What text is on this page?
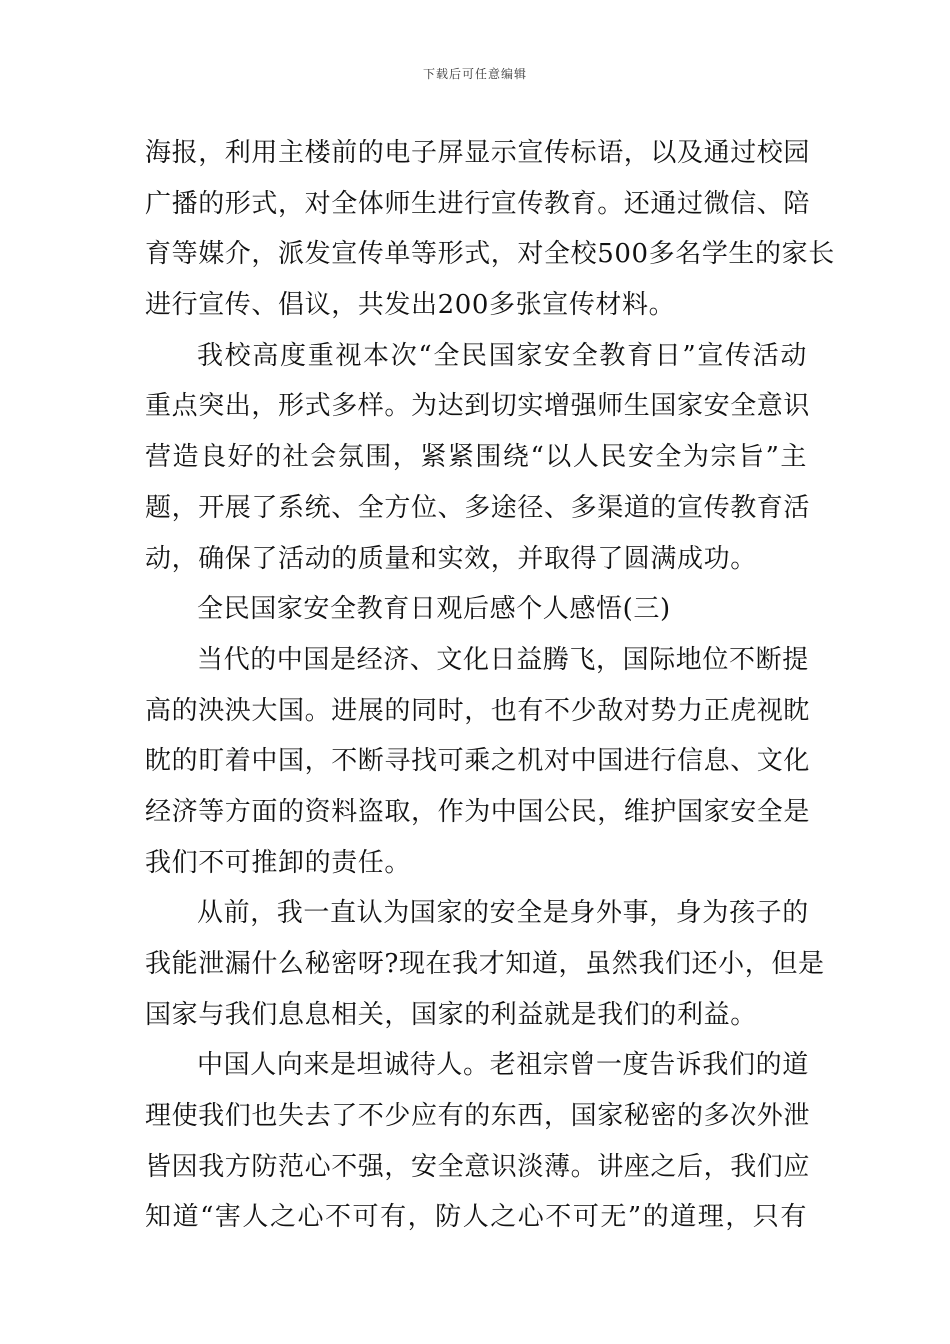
下载后可任意编辑
海报，利用主楼前的电子屏显示宣传标语，以及通过校园
广播的形式，对全体师生进行宣传教育。还通过微信、陪
育等媒介，派发宣传单等形式，对全校500多名学生的家长
进行宣传、倡议，共发出200多张宣传材料。
我校高度重视本次“全民国家安全教育日”宣传活动
重点突出，形式多样。为达到切实增强师生国家安全意识
营造良好的社会氛围，紧紧围绕“以人民安全为宗旨”主
题，开展了系统、全方位、多途径、多渠道的宣传教育活
动，确保了活动的质量和实效，并取得了圆满成功。
全民国家安全教育日观后感个人感悟(三)
当代的中国是经济、文化日益腾飞，国际地位不断提
高的泱泱大国。进展的同时，也有不少敌对势力正虎视眈
眈的盯着中国，不断寻找可乘之机对中国进行信息、文化
经济等方面的资料盗取，作为中国公民，维护国家安全是
我们不可推卸的责任。
从前，我一直认为国家的安全是身外事，身为孩子的
我能泄漏什么秘密呀?现在我才知道，虽然我们还小，但是
国家与我们息息相关，国家的利益就是我们的利益。
中国人向来是坦诚待人。老祖宗曾一度告诉我们的道
理使我们也失去了不少应有的东西，国家秘密的多次外泄
皆因我方防范心不强，安全意识淡薄。讲座之后，我们应
知道“害人之心不可有，防人之心不可无”的道理，只有
